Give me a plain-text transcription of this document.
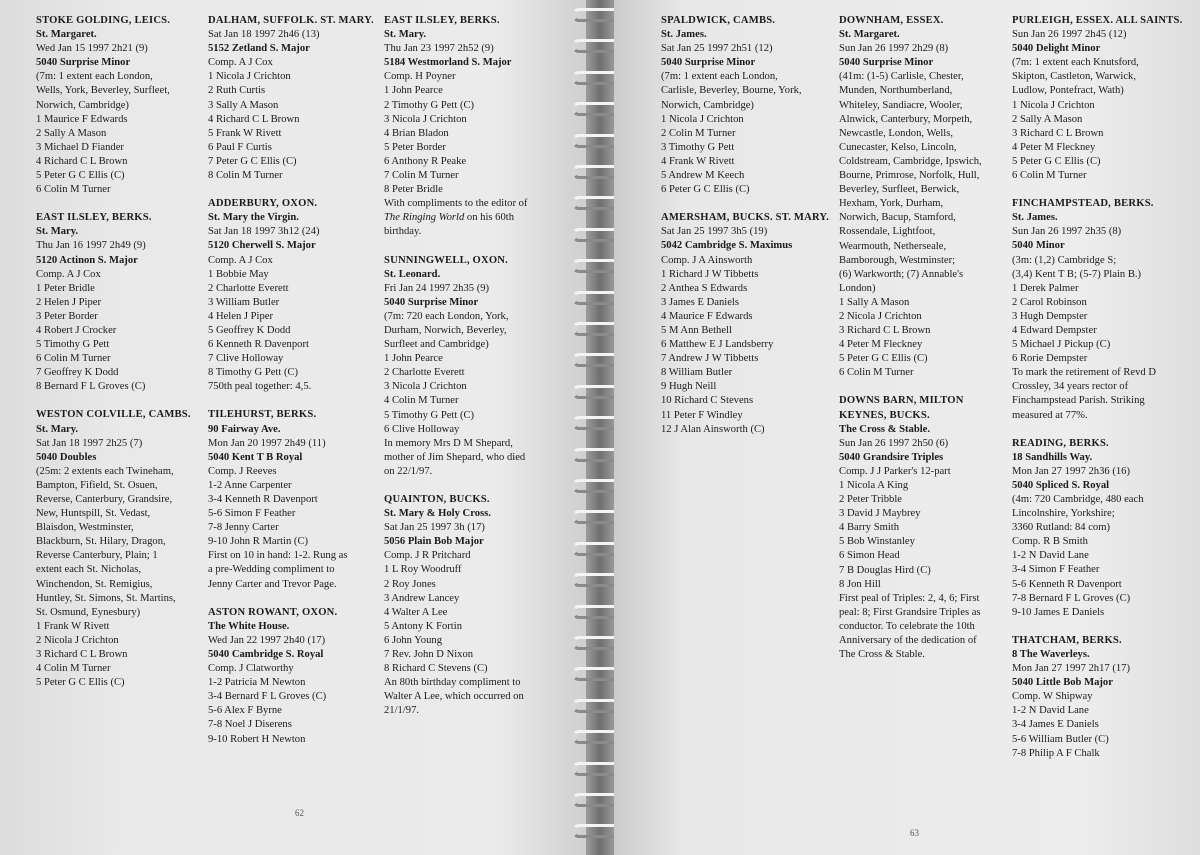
STOKE GOLDING, LEICS.

St. Margaret.

Wed Jan 15 1997 2h21 (9)

5040 Surprise Minor

(7m: 1 extent each London,

Wells, York, Beverley, Surfleet,

Norwich, Cambridge)

1 Maurice F Edwards

2 Sally A Mason

3 Michael D Fiander

4 Richard C L Brown

5 Peter G C Ellis (C)

6 Colin M Turner

EAST ILSLEY, BERKS.

St. Mary.

Thu Jan 16 1997 2h49 (9)

5120 Actinon S. Major

Comp. A J Cox

1 Peter Bridle

2 Helen J Piper

3 Peter Border

4 Robert J Crocker

5 Timothy G Pett

6 Colin M Turner

7 Geoffrey K Dodd

8 Bernard F L Groves (C)

WESTON COLVILLE, CAMBS.

St. Mary.

Sat Jan 18 1997 2h25 (7)

5040 Doubles

(25m: 2 extents each Twineham,

Bampton, Fifield, St. Osuen,

Reverse, Canterbury, Grandsire,

New, Huntspill, St. Vedast,

Blaisdon, Westminster,

Blackburn, St. Hilary, Dragon,

Reverse Canterbury, Plain; 1

extent each St. Nicholas,

Winchendon, St. Remigius,

Huntley, St. Simons, St. Martins,

St. Osmund, Eynesbury)

1 Frank W Rivett

2 Nicola J Crichton

3 Richard C L Brown

4 Colin M Turner

5 Peter G C Ellis (C)

DALHAM, SUFFOLK. ST. MARY.

Sat Jan 18 1997 2h46 (13)

5152 Zetland S. Major

Comp. A J Cox

1 Nicola J Crichton

2 Ruth Curtis

3 Sally A Mason

4 Richard C L Brown

5 Frank W Rivett

6 Paul F Curtis

7 Peter G C Ellis (C)

8 Colin M Turner

ADDERBURY, OXON.

St. Mary the Virgin.

Sat Jan 18 1997 3h12 (24)

5120 Cherwell S. Major

Comp. A J Cox

1 Bobbie May

2 Charlotte Everett

3 William Butler

4 Helen J Piper

5 Geoffrey K Dodd

6 Kenneth R Davenport

7 Clive Holloway

8 Timothy G Pett (C)

750th peal together: 4,5.

TILEHURST, BERKS.

90 Fairway Ave.

Mon Jan 20 1997 2h49 (11)

5040 Kent T B Royal

Comp. J Reeves

1-2 Anne Carpenter

3-4 Kenneth R Davenport

5-6 Simon F Feather

7-8 Jenny Carter

9-10 John R Martin (C)

First on 10 in hand: 1-2. Rung as

a pre-Wedding compliment to

Jenny Carter and Trevor Page.

ASTON ROWANT, OXON.

The White House.

Wed Jan 22 1997 2h40 (17)

5040 Cambridge S. Royal

Comp. J Clatworthy

1-2 Patricia M Newton

3-4 Bernard F L Groves (C)

5-6 Alex F Byrne

7-8 Noel J Diserens

9-10 Robert H Newton

EAST ILSLEY, BERKS.

St. Mary.

Thu Jan 23 1997 2h52 (9)

5184 Westmorland S. Major

Comp. H Poyner

1 John Pearce

2 Timothy G Pett (C)

3 Nicola J Crichton

4 Brian Bladon

5 Peter Border

6 Anthony R Peake

7 Colin M Turner

8 Peter Bridle

With compliments to the editor of

The Ringing World on his 60th

birthday.

SUNNINGWELL, OXON.

St. Leonard.

Fri Jan 24 1997 2h35 (9)

5040 Surprise Minor

(7m: 720 each London, York,

Durham, Norwich, Beverley,

Surfleet and Cambridge)

1 John Pearce

2 Charlotte Everett

3 Nicola J Crichton

4 Colin M Turner

5 Timothy G Pett (C)

6 Clive Holloway

In memory Mrs D M Shepard,

mother of Jim Shepard, who died

on 22/1/97.

QUAINTON, BUCKS.

St. Mary & Holy Cross.

Sat Jan 25 1997 3h (17)

5056 Plain Bob Major

Comp. J R Pritchard

1 L Roy Woodruff

2 Roy Jones

3 Andrew Lancey

4 Walter A Lee

5 Antony K Fortin

6 John Young

7 Rev. John D Nixon

8 Richard C Stevens (C)

An 80th birthday compliment to

Walter A Lee, which occurred on

21/1/97.

62

SPALDWICK, CAMBS.

St. James.

Sat Jan 25 1997 2h51 (12)

5040 Surprise Minor

(7m: 1 extent each London,

Carlisle, Beverley, Bourne, York,

Norwich, Cambridge)

1 Nicola J Crichton

2 Colin M Turner

3 Timothy G Pett

4 Frank W Rivett

5 Andrew M Keech

6 Peter G C Ellis (C)

AMERSHAM, BUCKS. ST. MARY.

Sat Jan 25 1997 3h5 (19)

5042 Cambridge S. Maximus

Comp. J A Ainsworth

1 Richard J W Tibbetts

2 Anthea S Edwards

3 James E Daniels

4 Maurice F Edwards

5 M Ann Bethell

6 Matthew E J Landsberry

7 Andrew J W Tibbetts

8 William Butler

9 Hugh Neill

10 Richard C Stevens

11 Peter F Windley

12 J Alan Ainsworth (C)

DOWNHAM, ESSEX.

St. Margaret.

Sun Jan 26 1997 2h29 (8)

5040 Surprise Minor

(41m: (1-5) Carlisle, Chester,

Munden, Northumberland,

Whiteley, Sandiacre, Wooler,

Alnwick, Canterbury, Morpeth,

Newcastle, London, Wells,

Cunecaster, Kelso, Lincoln,

Coldstream, Cambridge, Ipswich,

Bourne, Primrose, Norfolk, Hull,

Beverley, Surfleet, Berwick,

Hexham, York, Durham,

Norwich, Bacup, Stamford,

Rossendale, Lightfoot,

Wearmouth, Netherseale,

Bamborough, Westminster;

(6) Warkworth; (7) Annable's

London)

1 Sally A Mason

2 Nicola J Crichton

3 Richard C L Brown

4 Peter M Fleckney

5 Peter G C Ellis (C)

6 Colin M Turner

DOWNS BARN, MILTON

KEYNES, BUCKS.

The Cross & Stable.

Sun Jan 26 1997 2h50 (6)

5040 Grandsire Triples

Comp. J J Parker's 12-part

1 Nicola A King

2 Peter Tribble

3 David J Maybrey

4 Barry Smith

5 Bob Winstanley

6 Simon Head

7 B Douglas Hird (C)

8 Jon Hill

First peal of Triples: 2, 4, 6; First

peal: 8; First Grandsire Triples as

conductor. To celebrate the 10th

Anniversary of the dedication of

The Cross & Stable.

PURLEIGH, ESSEX. ALL SAINTS.

Sun Jan 26 1997 2h45 (12)

5040 Delight Minor

(7m: 1 extent each Knutsford,

Skipton, Castleton, Warwick,

Ludlow, Pontefract, Wath)

1 Nicola J Crichton

2 Sally A Mason

3 Richard C L Brown

4 Peter M Fleckney

5 Peter G C Ellis (C)

6 Colin M Turner

FINCHAMPSTEAD, BERKS.

St. James.

Sun Jan 26 1997 2h35 (8)

5040 Minor

(3m: (1,2) Cambridge S;

(3,4) Kent T B; (5-7) Plain B.)

1 Derek Palmer

2 Carol Robinson

3 Hugh Dempster

4 Edward Dempster

5 Michael J Pickup (C)

6 Rorie Dempster

To mark the retirement of Revd D

Crossley, 34 years rector of

Finchampstead Parish. Striking

measured at 77%.

READING, BERKS.

18 Sandhills Way.

Mon Jan 27 1997 2h36 (16)

5040 Spliced S. Royal

(4m: 720 Cambridge, 480 each

Lincolnshire, Yorkshire;

3360 Rutland: 84 com)

Comp. R B Smith

1-2 N David Lane

3-4 Simon F Feather

5-6 Kenneth R Davenport

7-8 Bernard F L Groves (C)

9-10 James E Daniels

THATCHAM, BERKS.

8 The Waverleys.

Mon Jan 27 1997 2h17 (17)

5040 Little Bob Major

Comp. W Shipway

1-2 N David Lane

3-4 James E Daniels

5-6 William Butler (C)

7-8 Philip A F Chalk

63
